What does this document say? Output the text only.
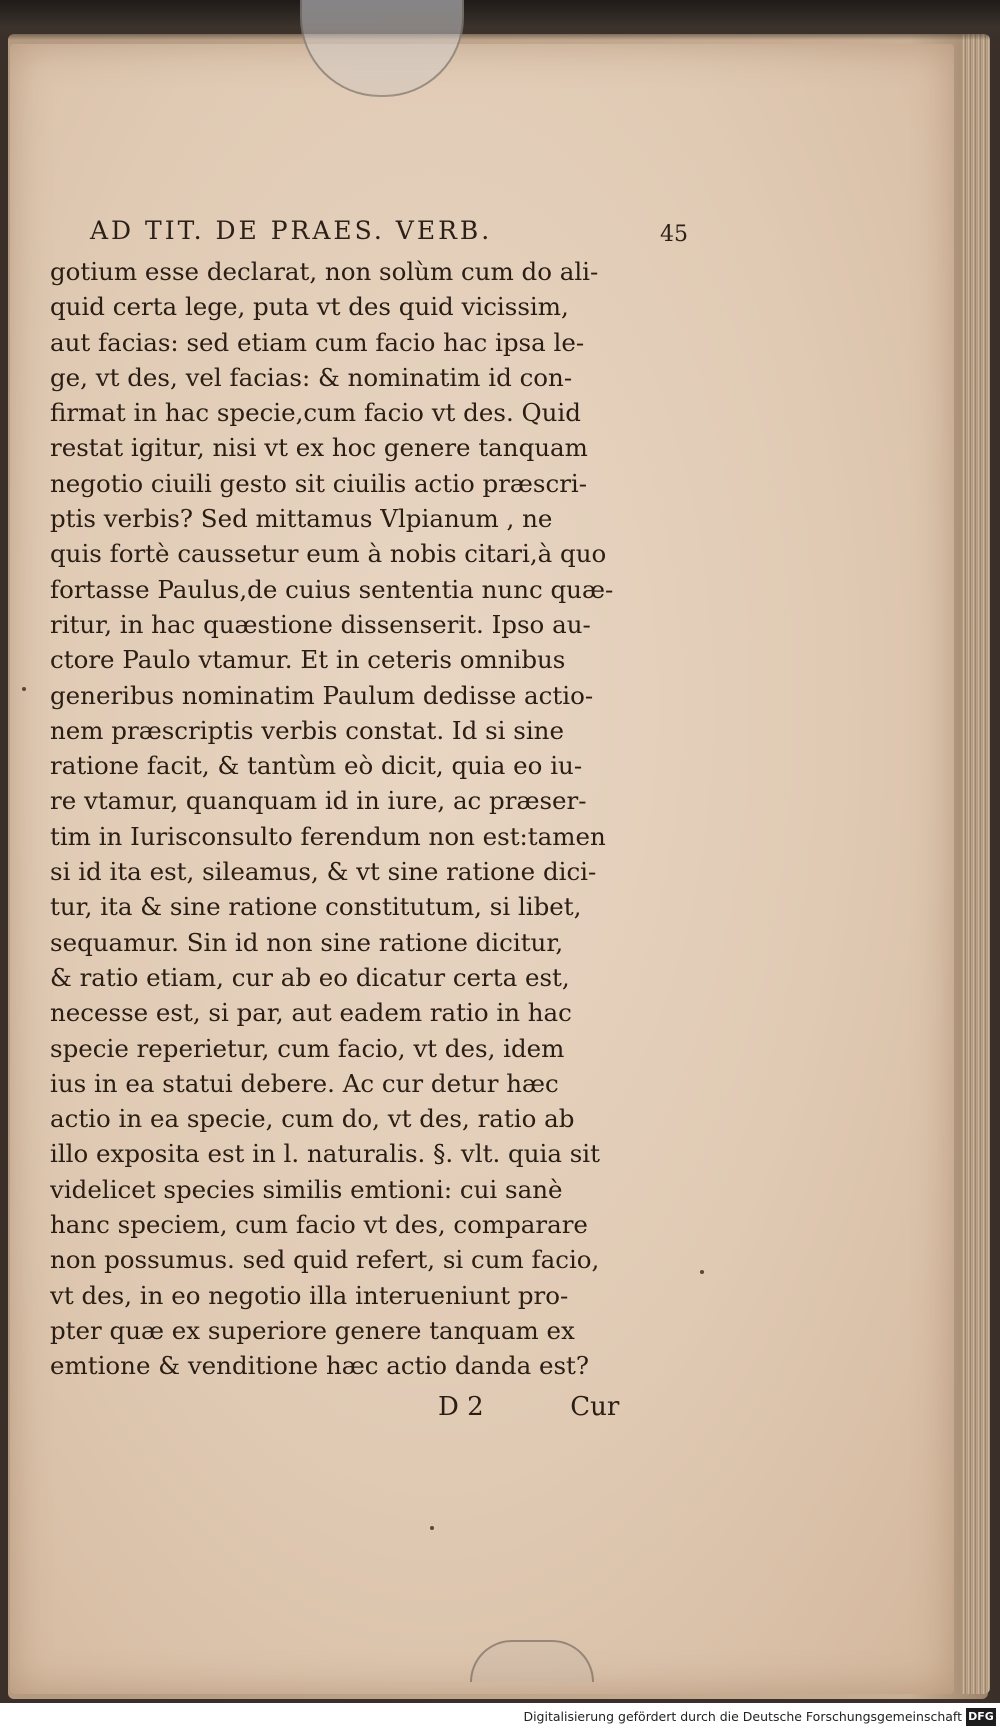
AD TIT. DE PRAES. VERB.	45
gotium esse declarat, non solùm cum do ali-
quid certa lege, puta vt des quid vicissim,
aut facias: sed etiam cum facio hac ipsa le-
ge, vt des, vel facias: & nominatim id con-
firmat in hac specie,cum facio vt des. Quid
restat igitur, nisi vt ex hoc genere tanquam
negotio ciuili gesto sit ciuilis actio præscri-
ptis verbis? Sed mittamus Vlpianum , ne
quis fortè caussetur eum à nobis citari,à quo
fortasse Paulus,de cuius sententia nunc quæ-
ritur, in hac quæstione dissenserit. Ipso au-
ctore Paulo vtamur. Et in ceteris omnibus
generibus nominatim Paulum dedisse actio-
nem præscriptis verbis constat. Id si sine
ratione facit, & tantùm eò dicit, quia eo iu-
re vtamur, quanquam id in iure, ac præser-
tim in Iurisconsulto ferendum non est:tamen
si id ita est, sileamus, & vt sine ratione dici-
tur, ita & sine ratione constitutum, si libet,
sequamur. Sin id non sine ratione dicitur,
& ratio etiam, cur ab eo dicatur certa est,
necesse est, si par, aut eadem ratio in hac
specie reperietur, cum facio, vt des, idem
ius in ea statui debere. Ac cur detur hæc
actio in ea specie, cum do, vt des, ratio ab
illo exposita est in l. naturalis. §. vlt. quia sit
videlicet species similis emtioni: cui sanè
hanc speciem, cum facio vt des, comparare
non possumus. sed quid refert, si cum facio,
vt des, in eo negotio illa interueniunt pro-
pter quæ ex superiore genere tanquam ex
emtione & venditione hæc actio danda est?
D 2	Cur
Digitalisierung gefördert durch die Deutsche Forschungsgemeinschaft DFG
